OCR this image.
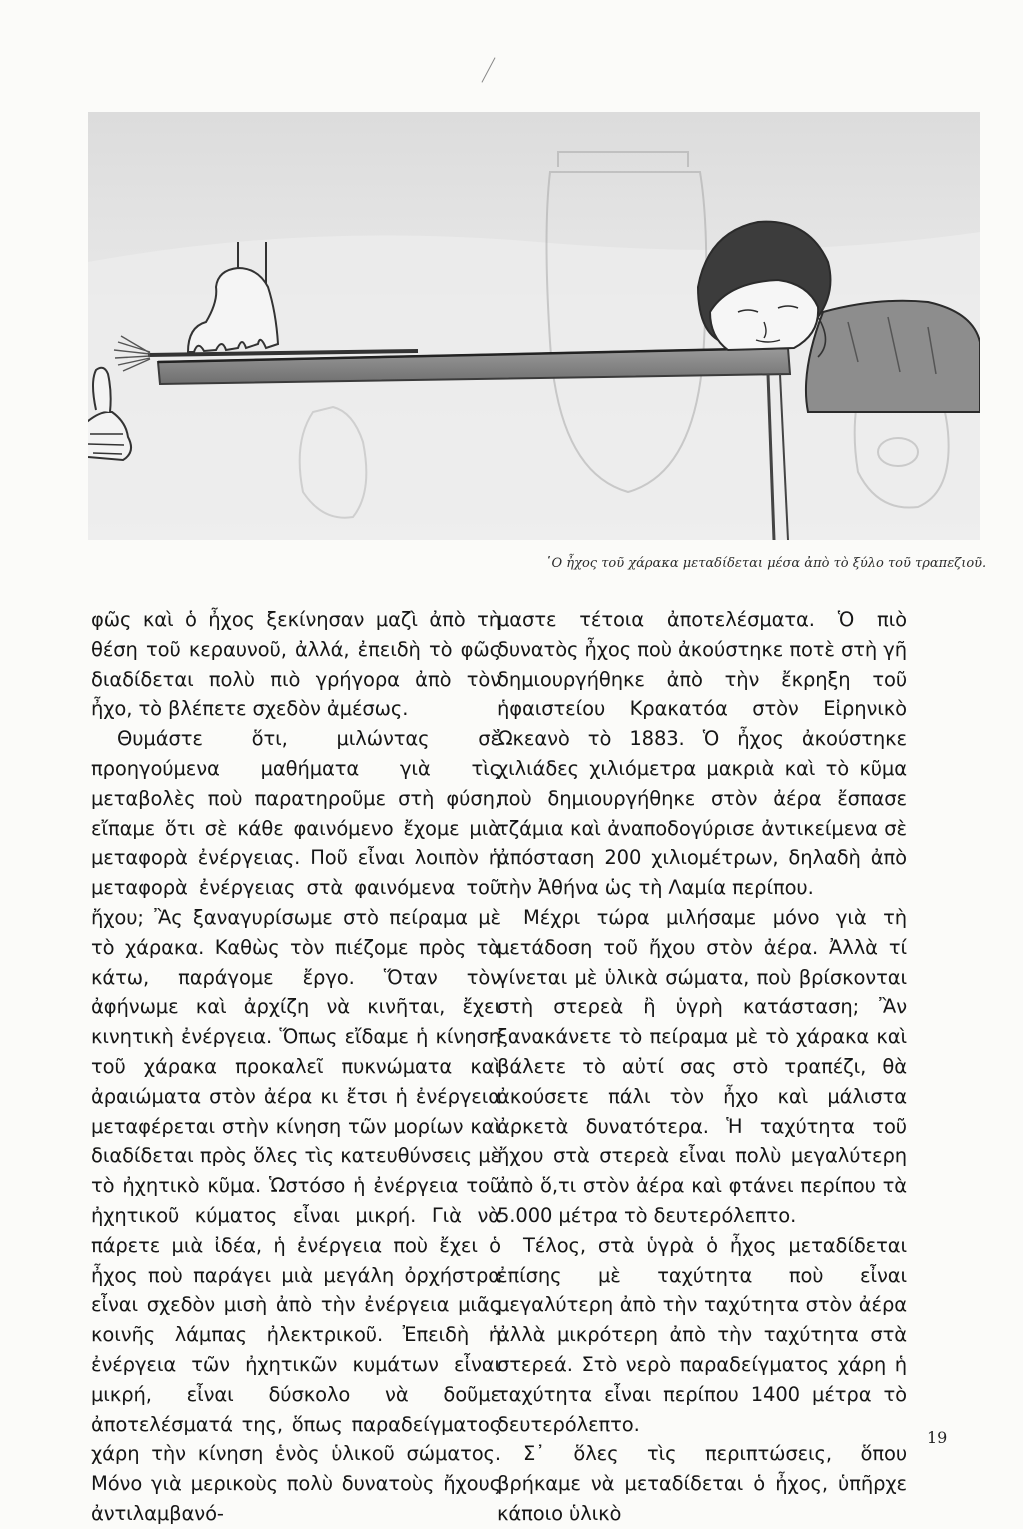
῾Ο ἦχος τοῦ χάρακα μεταδίδεται μέσα ἀπὸ τὸ ξύλο τοῦ τραπεζιοῦ.

φῶς καὶ ὁ ἦχος ξεκίνησαν μαζὶ ἀπὸ τὴ θέση τοῦ κεραυνοῦ, ἀλλά, ἐπειδὴ τὸ φῶς διαδίδεται πολὺ πιὸ γρήγορα ἀπὸ τὸν ἦχο, τὸ βλέπετε σχεδὸν ἀμέσως.

Θυμάστε ὅτι, μιλώντας σὲ προηγούμενα μαθήματα γιὰ τὶς μεταβολὲς ποὺ παρατηροῦμε στὴ φύση, εἴπαμε ὅτι σὲ κάθε φαινόμενο ἔχομε μιὰ μεταφορὰ ἐνέργειας. Ποῦ εἶναι λοιπὸν ἡ μεταφορὰ ἐνέργειας στὰ φαινόμενα τοῦ ἤχου; Ἂς ξαναγυρίσωμε στὸ πείραμα μὲ τὸ χάρακα. Καθὼς τὸν πιέζομε πρὸς τὰ κάτω, παράγομε ἔργο. Ὅταν τὸν ἀφήνωμε καὶ ἀρχίζη νὰ κινῆται, ἔχει κινητικὴ ἐνέργεια. Ὅπως εἴδαμε ἡ κίνηση τοῦ χάρακα προκαλεῖ πυκνώματα καὶ ἀραιώματα στὸν ἀέρα κι ἔτσι ἡ ἐνέργεια μεταφέρεται στὴν κίνηση τῶν μορίων καὶ διαδίδεται πρὸς ὅλες τὶς κατευθύνσεις μὲ τὸ ἠχητικὸ κῦμα. Ὡστόσο ἡ ἐνέργεια τοῦ ἠχητικοῦ κύματος εἶναι μικρή. Γιὰ νὰ πάρετε μιὰ ἰδέα, ἡ ἐνέργεια ποὺ ἔχει ὁ ἦχος ποὺ παράγει μιὰ μεγάλη ὀρχήστρα εἶναι σχεδὸν μισὴ ἀπὸ τὴν ἐνέργεια μιᾶς κοινῆς λάμπας ἠλεκτρικοῦ. Ἐπειδὴ ἡ ἐνέργεια τῶν ἠχητικῶν κυμάτων εἶναι μικρή, εἶναι δύσκολο νὰ δοῦμε ἀποτελέσματά της, ὅπως παραδείγματος χάρη τὴν κίνηση ἑνὸς ὑλικοῦ σώματος. Μόνο γιὰ μερικοὺς πολὺ δυνατοὺς ἤχους ἀντιλαμβανό-

μαστε τέτοια ἀποτελέσματα. Ὁ πιὸ δυνατὸς ἦχος ποὺ ἀκούστηκε ποτὲ στὴ γῆ δημιουργήθηκε ἀπὸ τὴν ἔκρηξη τοῦ ἡφαιστείου Κρακατόα στὸν Εἰρηνικὸ Ὠκεανὸ τὸ 1883. Ὁ ἦχος ἀκούστηκε χιλιάδες χιλιόμετρα μακριὰ καὶ τὸ κῦμα ποὺ δημιουργήθηκε στὸν ἀέρα ἔσπασε τζάμια καὶ ἀναποδογύρισε ἀντικείμενα σὲ ἀπόσταση 200 χιλιομέτρων, δηλαδὴ ἀπὸ τὴν Ἀθήνα ὡς τὴ Λαμία περίπου.

Μέχρι τώρα μιλήσαμε μόνο γιὰ τὴ μετάδοση τοῦ ἤχου στὸν ἀέρα. Ἀλλὰ τί γίνεται μὲ ὑλικὰ σώματα, ποὺ βρίσκονται στὴ στερεὰ ἢ ὑγρὴ κατάσταση; Ἂν ξανακάνετε τὸ πείραμα μὲ τὸ χάρακα καὶ βάλετε τὸ αὐτί σας στὸ τραπέζι, θὰ ἀκούσετε πάλι τὸν ἦχο καὶ μάλιστα ἀρκετὰ δυνατότερα. Ἡ ταχύτητα τοῦ ἤχου στὰ στερεὰ εἶναι πολὺ μεγαλύτερη ἀπὸ ὅ,τι στὸν ἀέρα καὶ φτάνει περίπου τὰ 5.000 μέτρα τὸ δευτερόλεπτο.

Τέλος, στὰ ὑγρὰ ὁ ἦχος μεταδίδεται ἐπίσης μὲ ταχύτητα ποὺ εἶναι μεγαλύτερη ἀπὸ τὴν ταχύτητα στὸν ἀέρα ἀλλὰ μικρότερη ἀπὸ τὴν ταχύτητα στὰ στερεά. Στὸ νερὸ παραδείγματος χάρη ἡ ταχύτητα εἶναι περίπου 1400 μέτρα τὸ δευτερόλεπτο.

Σ᾿ ὅλες τὶς περιπτώσεις, ὅπου βρήκαμε νὰ μεταδίδεται ὁ ἦχος, ὑπῆρχε κάποιο ὑλικὸ

19
